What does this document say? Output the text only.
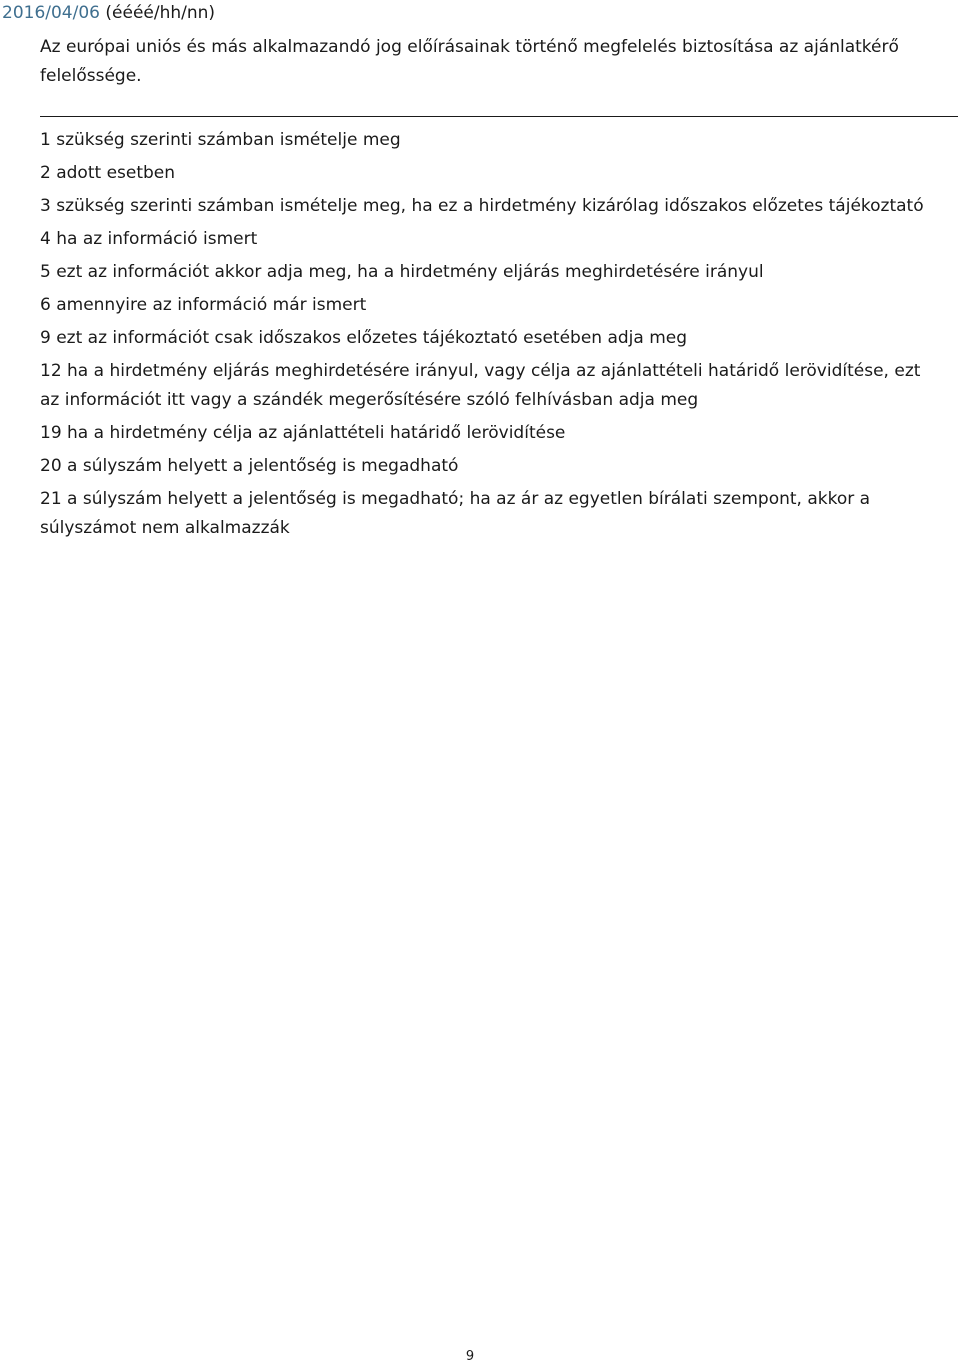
2016/04/06 (éééé/hh/nn)
Az európai uniós és más alkalmazandó jog előírásainak történő megfelelés biztosítása az ajánlatkérő felelőssége.
1 szükség szerinti számban ismételje meg
2 adott esetben
3 szükség szerinti számban ismételje meg, ha ez a hirdetmény kizárólag időszakos előzetes tájékoztató
4 ha az információ ismert
5 ezt az információt akkor adja meg, ha a hirdetmény eljárás meghirdetésére irányul
6 amennyire az információ már ismert
9 ezt az információt csak időszakos előzetes tájékoztató esetében adja meg
12 ha a hirdetmény eljárás meghirdetésére irányul, vagy célja az ajánlattételi határidő lerövidítése, ezt az információt itt vagy a szándék megerősítésére szóló felhívásban adja meg
19 ha a hirdetmény célja az ajánlattételi határidő lerövidítése
20 a súlyszám helyett a jelentőség is megadható
21 a súlyszám helyett a jelentőség is megadható; ha az ár az egyetlen bírálati szempont, akkor a súlyszámot nem alkalmazzák
9
